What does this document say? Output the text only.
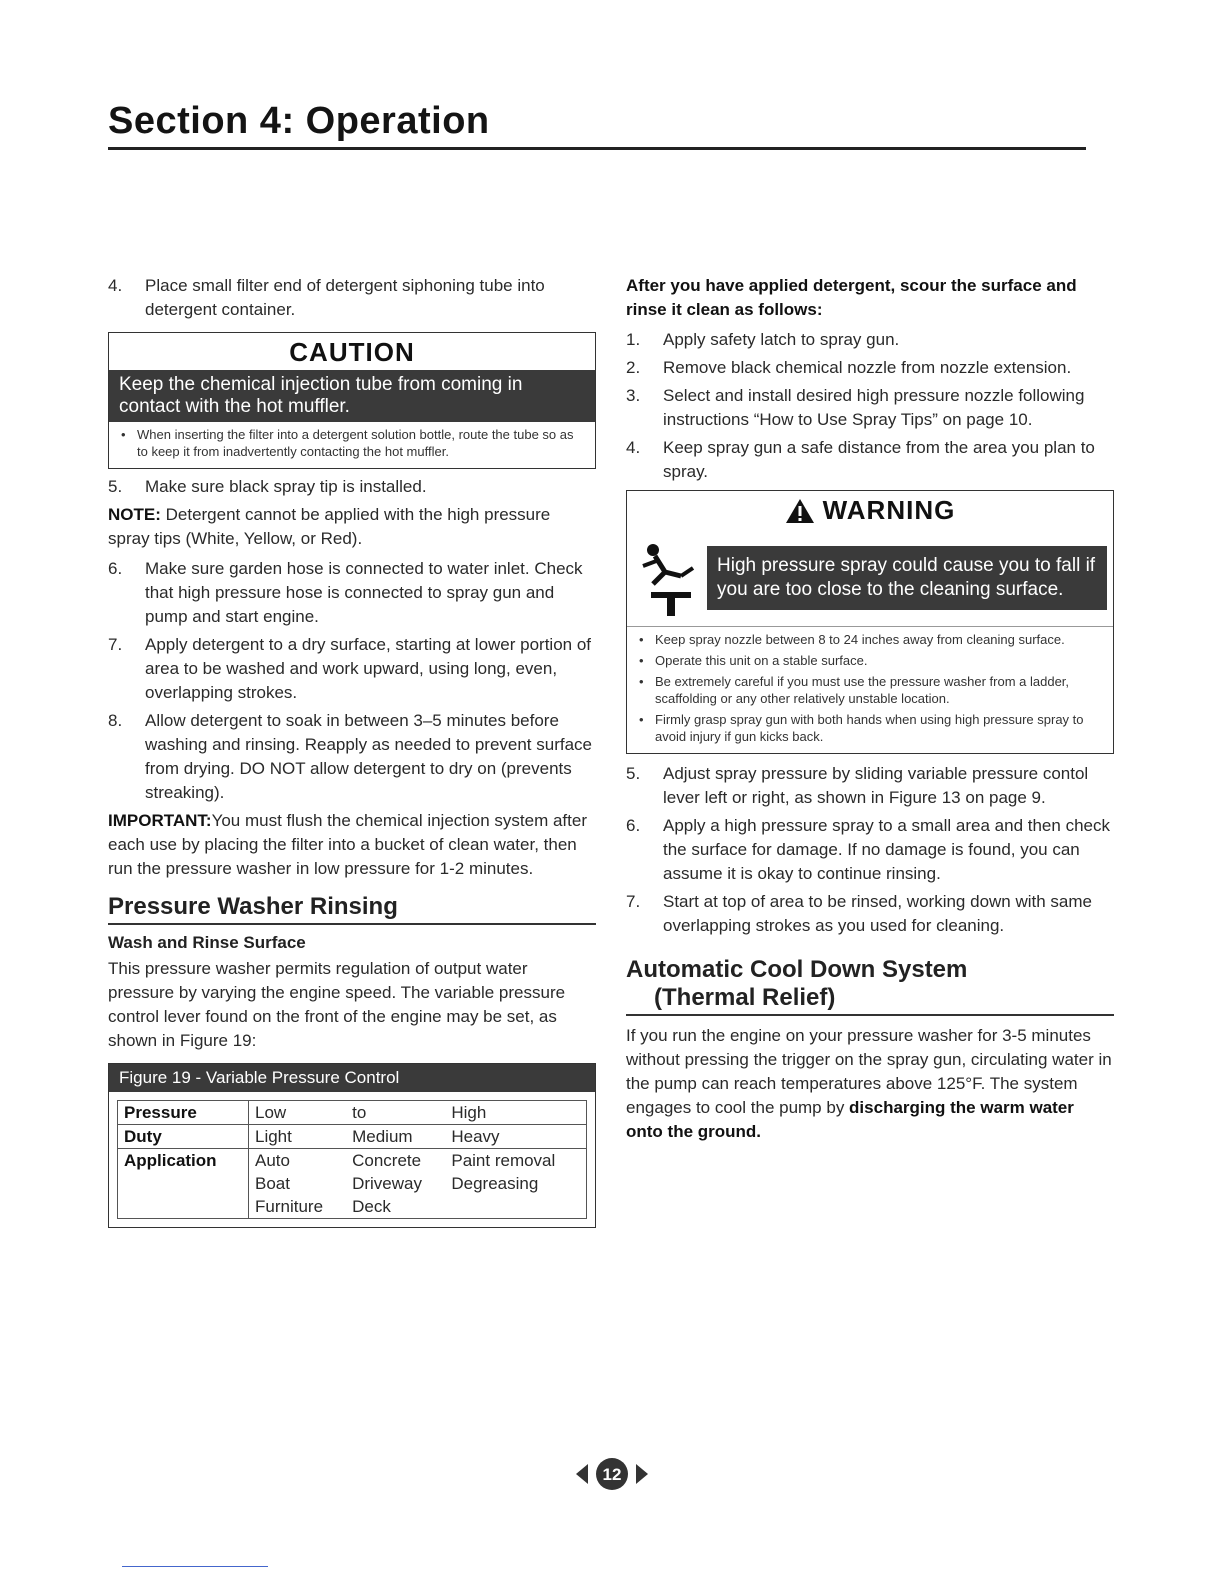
Section 4: Operation
4.	Place small filter end of detergent siphoning tube into detergent container.
CAUTION
Keep the chemical injection tube from coming in contact with the hot muffler.
• When inserting the filter into a detergent solution bottle, route the tube so as to keep it from inadvertently contacting the hot muffler.
5.	Make sure black spray tip is installed.
NOTE: Detergent cannot be applied with the high pressure spray tips (White, Yellow, or Red).
6.	Make sure garden hose is connected to water inlet. Check that high pressure hose is connected to spray gun and pump and start engine.
7.	Apply detergent to a dry surface, starting at lower portion of area to be washed and work upward, using long, even, overlapping strokes.
8.	Allow detergent to soak in between 3–5 minutes before washing and rinsing. Reapply as needed to prevent surface from drying. DO NOT allow detergent to dry on (prevents streaking).
IMPORTANT:You must flush the chemical injection system after each use by placing the filter into a bucket of clean water, then run the pressure washer in low pressure for 1-2 minutes.
Pressure Washer Rinsing
Wash and Rinse Surface
This pressure washer permits regulation of output water pressure by varying the engine speed. The variable pressure control lever found on the front of the engine may be set, as shown in Figure 19:
Figure 19 - Variable Pressure Control
Pressure	Low	to	High
Duty	Light	Medium	Heavy
Application	Auto	Concrete	Paint removal
	Boat	Driveway	Degreasing
	Furniture	Deck	
After you have applied detergent, scour the surface and rinse it clean as follows:
1.	Apply safety latch to spray gun.
2.	Remove black chemical nozzle from nozzle extension.
3.	Select and install desired high pressure nozzle following instructions “How to Use Spray Tips” on page 10.
4.	Keep spray gun a safe distance from the area you plan to spray.
WARNING
High pressure spray could cause you to fall if you are too close to the cleaning surface.
• Keep spray nozzle between 8 to 24 inches away from cleaning surface.
• Operate this unit on a stable surface.
• Be extremely careful if you must use the pressure washer from a ladder, scaffolding or any other relatively unstable location.
• Firmly grasp spray gun with both hands when using high pressure spray to avoid injury if gun kicks back.
5.	Adjust spray pressure by sliding variable pressure contol lever left or right, as shown in Figure 13 on page 9.
6.	Apply a high pressure spray to a small area and then check the surface for damage. If no damage is found, you can assume it is okay to continue rinsing.
7.	Start at top of area to be rinsed, working down with same overlapping strokes as you used for cleaning.
Automatic Cool Down System
(Thermal Relief)
If you run the engine on your pressure washer for 3-5 minutes without pressing the trigger on the spray gun, circulating water in the pump can reach temperatures above 125°F. The system engages to cool the pump by discharging the warm water onto the ground.
12
